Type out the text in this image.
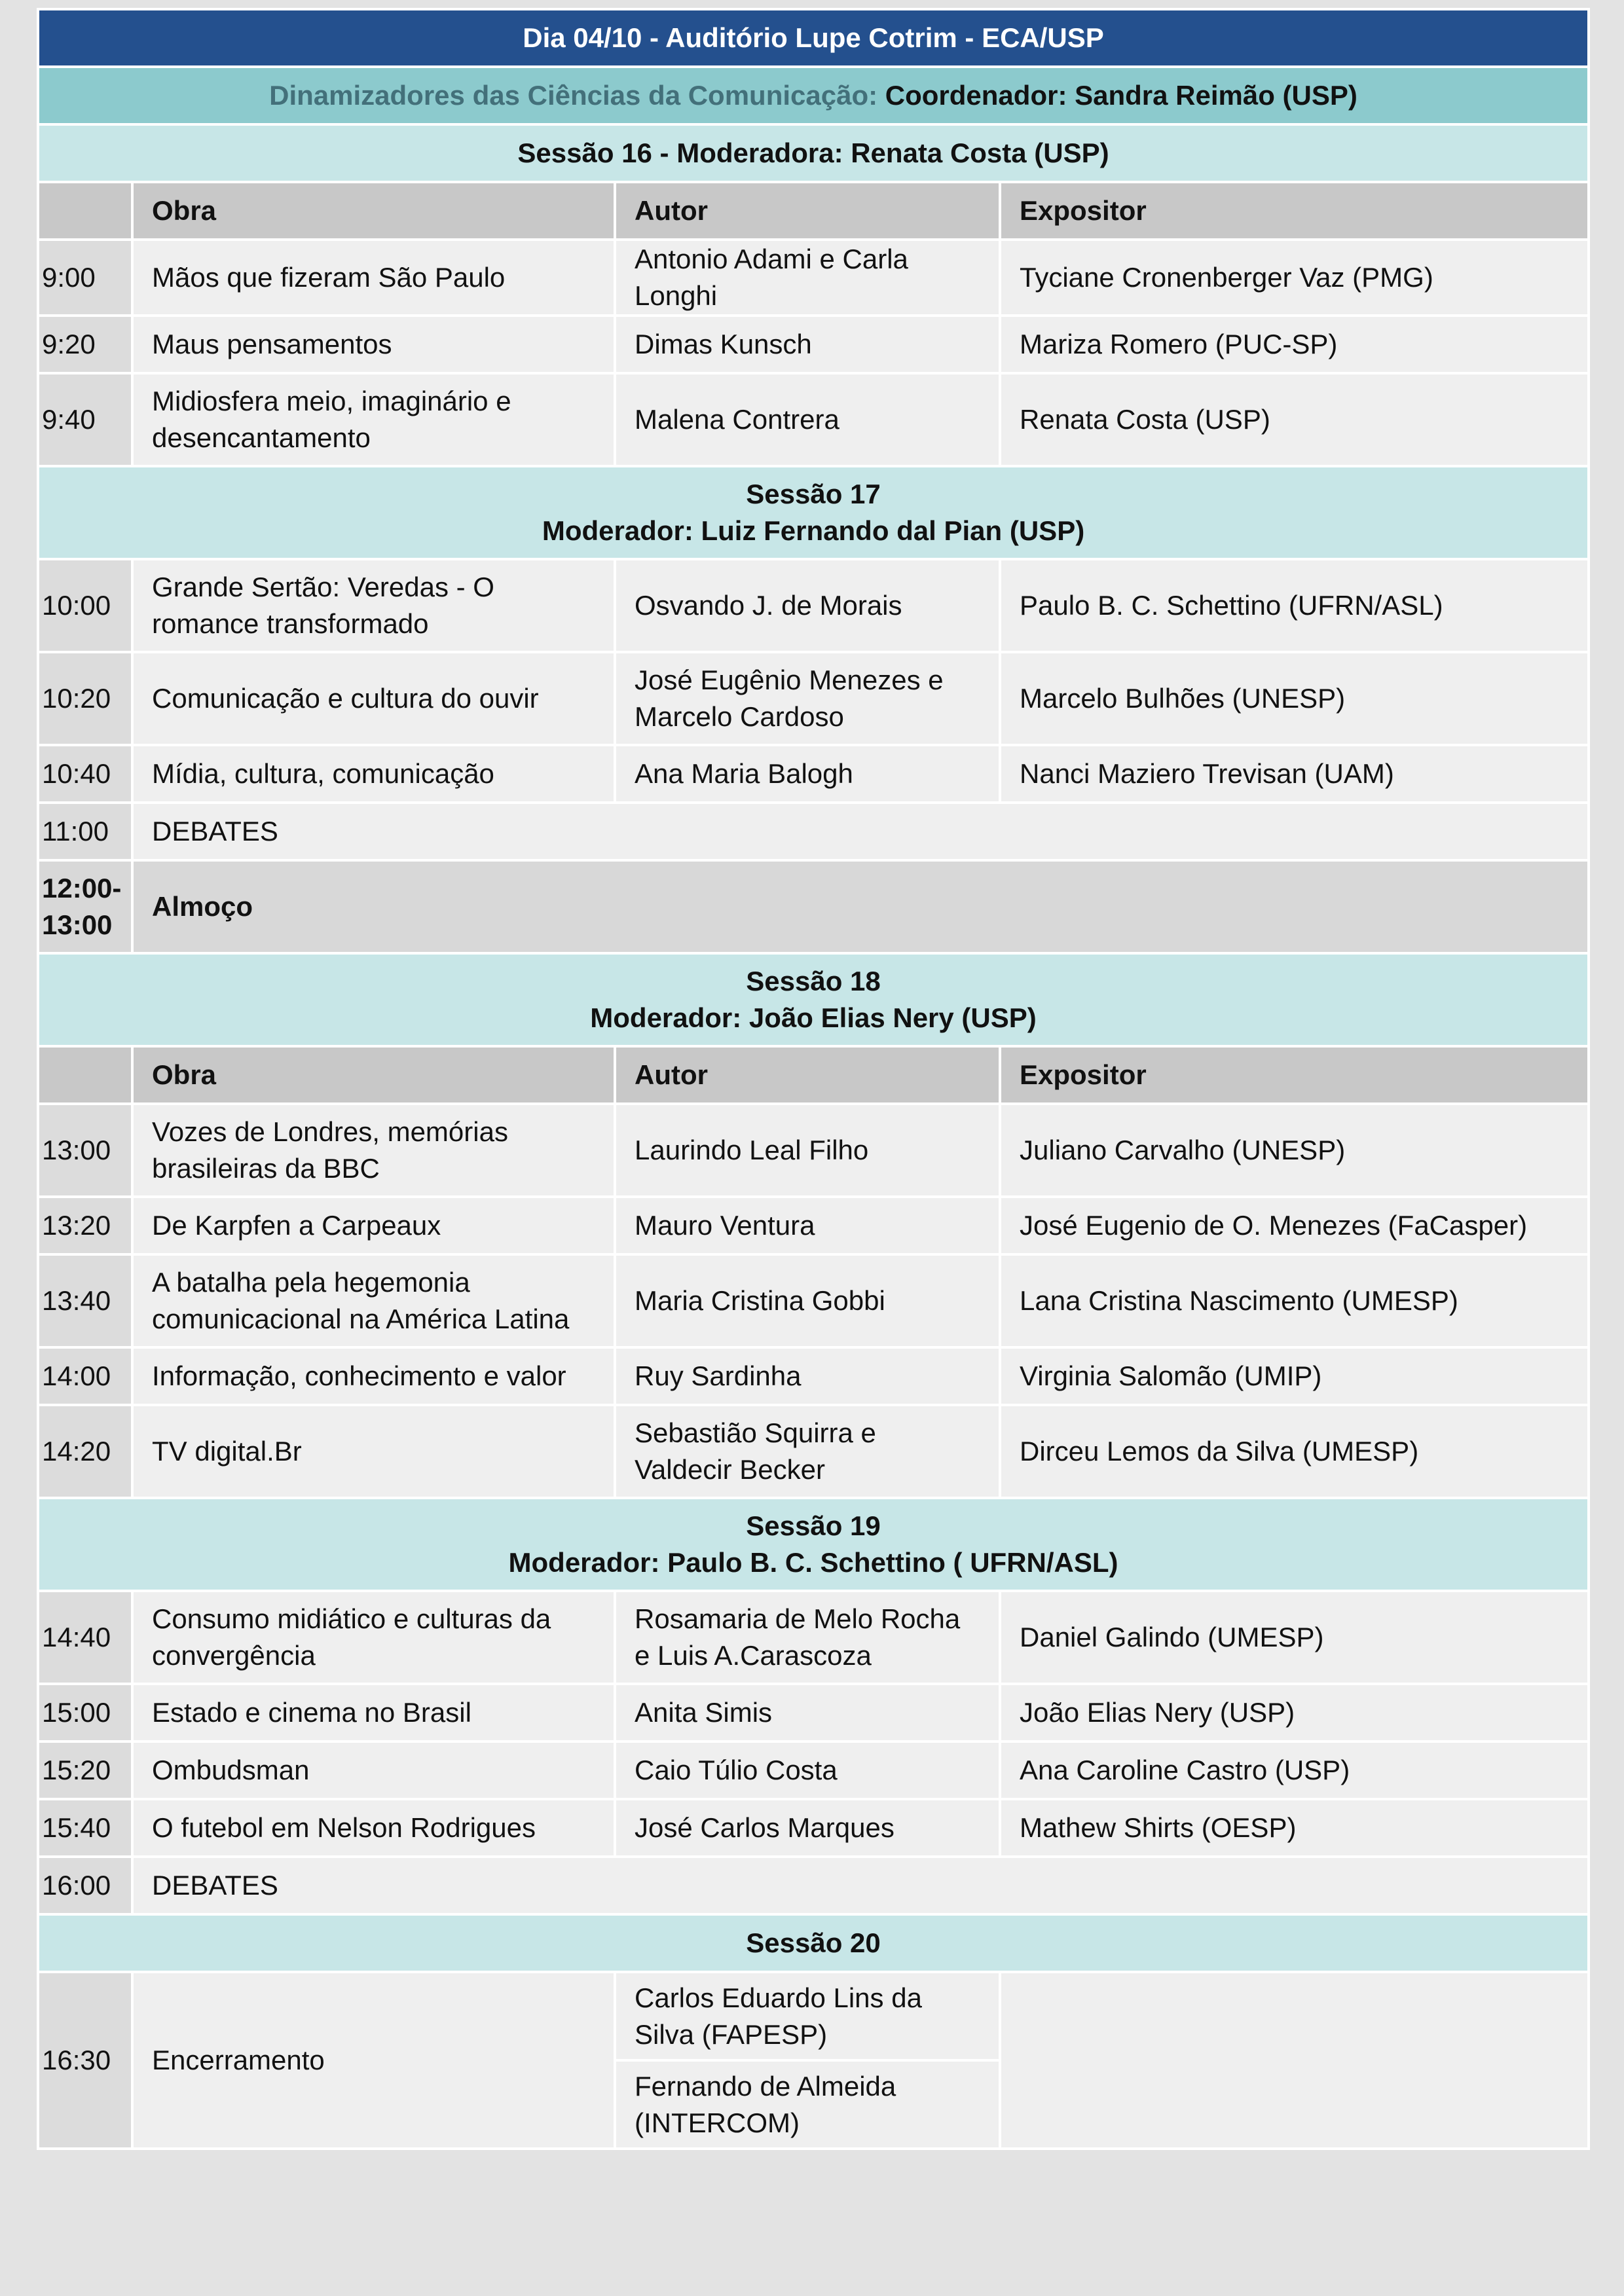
Dia 04/10 - Auditório Lupe Cotrim - ECA/USP			
Dinamizadores das Ciências da Comunicação: Coordenador: Sandra Reimão (USP)			
Sessão 16 - Moderadora: Renata Costa (USP)			
	Obra	Autor	Expositor
9:00	Mãos que fizeram São Paulo	Antonio Adami e Carla Longhi	Tyciane Cronenberger Vaz (PMG)
9:20	Maus pensamentos	Dimas Kunsch	Mariza Romero (PUC-SP)
9:40	Midiosfera meio, imaginário e desencantamento	Malena Contrera	Renata Costa (USP)

Sessão 17
Moderador: Luiz Fernando dal Pian (USP)			

10:00	Grande Sertão: Veredas - O romance transformado	Osvando J. de Morais	Paulo B. C. Schettino (UFRN/ASL)
10:20	Comunicação e cultura do ouvir	José Eugênio Menezes e Marcelo Cardoso	Marcelo Bulhões (UNESP)
10:40	Mídia, cultura, comunicação	Ana Maria Balogh	Nanci Maziero Trevisan (UAM)
11:00	DEBATES		
12:00-13:00	Almoço		

Sessão 18
Moderador: João Elias Nery (USP)			

	Obra	Autor	Expositor
13:00	Vozes de Londres, memórias brasileiras da BBC	Laurindo Leal Filho	Juliano Carvalho (UNESP)
13:20	De Karpfen a Carpeaux	Mauro Ventura	José Eugenio de O. Menezes (FaCasper)
13:40	A batalha pela hegemonia comunicacional na América Latina	Maria Cristina Gobbi	Lana Cristina Nascimento (UMESP)
14:00	Informação, conhecimento e valor	Ruy Sardinha	Virginia Salomão (UMIP)
14:20	TV digital.Br	Sebastião Squirra e Valdecir Becker	Dirceu Lemos da Silva (UMESP)

Sessão 19
Moderador: Paulo B. C. Schettino ( UFRN/ASL)			

14:40	Consumo midiático e culturas da convergência	Rosamaria de Melo Rocha e Luis A.Carascoza	Daniel Galindo (UMESP)
15:00	Estado e cinema no Brasil	Anita Simis	João Elias Nery (USP)
15:20	Ombudsman	Caio Túlio Costa	Ana Caroline Castro (USP)
15:40	O futebol em Nelson Rodrigues	José Carlos Marques	Mathew Shirts (OESP)
16:00	DEBATES		
Sessão 20			
16:30	Encerramento	Carlos Eduardo Lins da Silva (FAPESP)	
		Fernando de Almeida (INTERCOM)	
